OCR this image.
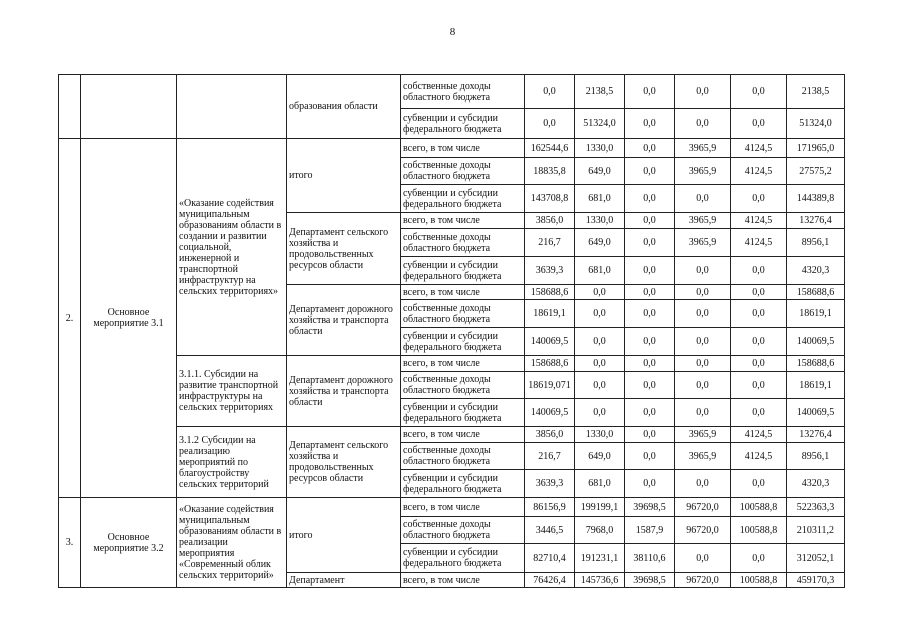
8
			образования области	собственные доходы областного бюджета	0,0	2138,5	0,0	0,0	0,0	2138,5
				субвенции и субсидии федерального бюджета	0,0	51324,0	0,0	0,0	0,0	51324,0
2.	Основное мероприятие 3.1	«Оказание содействия муниципальным образованиям области в создании и развитии социальной, инженерной и транспортной инфраструктур на сельских территориях»	итого	всего, в том числе	162544,6	1330,0	0,0	3965,9	4124,5	171965,0
				собственные доходы областного бюджета	18835,8	649,0	0,0	3965,9	4124,5	27575,2
				субвенции и субсидии федерального бюджета	143708,8	681,0	0,0	0,0	0,0	144389,8
			Департамент сельского хозяйства и продовольственных ресурсов области	всего, в том числе	3856,0	1330,0	0,0	3965,9	4124,5	13276,4
				собственные доходы областного бюджета	216,7	649,0	0,0	3965,9	4124,5	8956,1
				субвенции и субсидии федерального бюджета	3639,3	681,0	0,0	0,0	0,0	4320,3
			Департамент дорожного хозяйства и транспорта области	всего, в том числе	158688,6	0,0	0,0	0,0	0,0	158688,6
				собственные доходы областного бюджета	18619,1	0,0	0,0	0,0	0,0	18619,1
				субвенции и субсидии федерального бюджета	140069,5	0,0	0,0	0,0	0,0	140069,5
		3.1.1. Субсидии на развитие транспортной инфраструктуры на сельских территориях	Департамент дорожного хозяйства и транспорта области	всего, в том числе	158688,6	0,0	0,0	0,0	0,0	158688,6
				собственные доходы областного бюджета	18619,071	0,0	0,0	0,0	0,0	18619,1
				субвенции и субсидии федерального бюджета	140069,5	0,0	0,0	0,0	0,0	140069,5
		3.1.2 Субсидии на реализацию мероприятий по благоустройству сельских территорий	Департамент сельского хозяйства и продовольственных ресурсов области	всего, в том числе	3856,0	1330,0	0,0	3965,9	4124,5	13276,4
				собственные доходы областного бюджета	216,7	649,0	0,0	3965,9	4124,5	8956,1
				субвенции и субсидии федерального бюджета	3639,3	681,0	0,0	0,0	0,0	4320,3
3.	Основное мероприятие 3.2	«Оказание содействия муниципальным образованиям области в реализации мероприятия «Современный облик сельских территорий»	итого	всего, в том числе	86156,9	199199,1	39698,5	96720,0	100588,8	522363,3
				собственные доходы областного бюджета	3446,5	7968,0	1587,9	96720,0	100588,8	210311,2
				субвенции и субсидии федерального бюджета	82710,4	191231,1	38110,6	0,0	0,0	312052,1
			Департамент	всего, в том числе	76426,4	145736,6	39698,5	96720,0	100588,8	459170,3
